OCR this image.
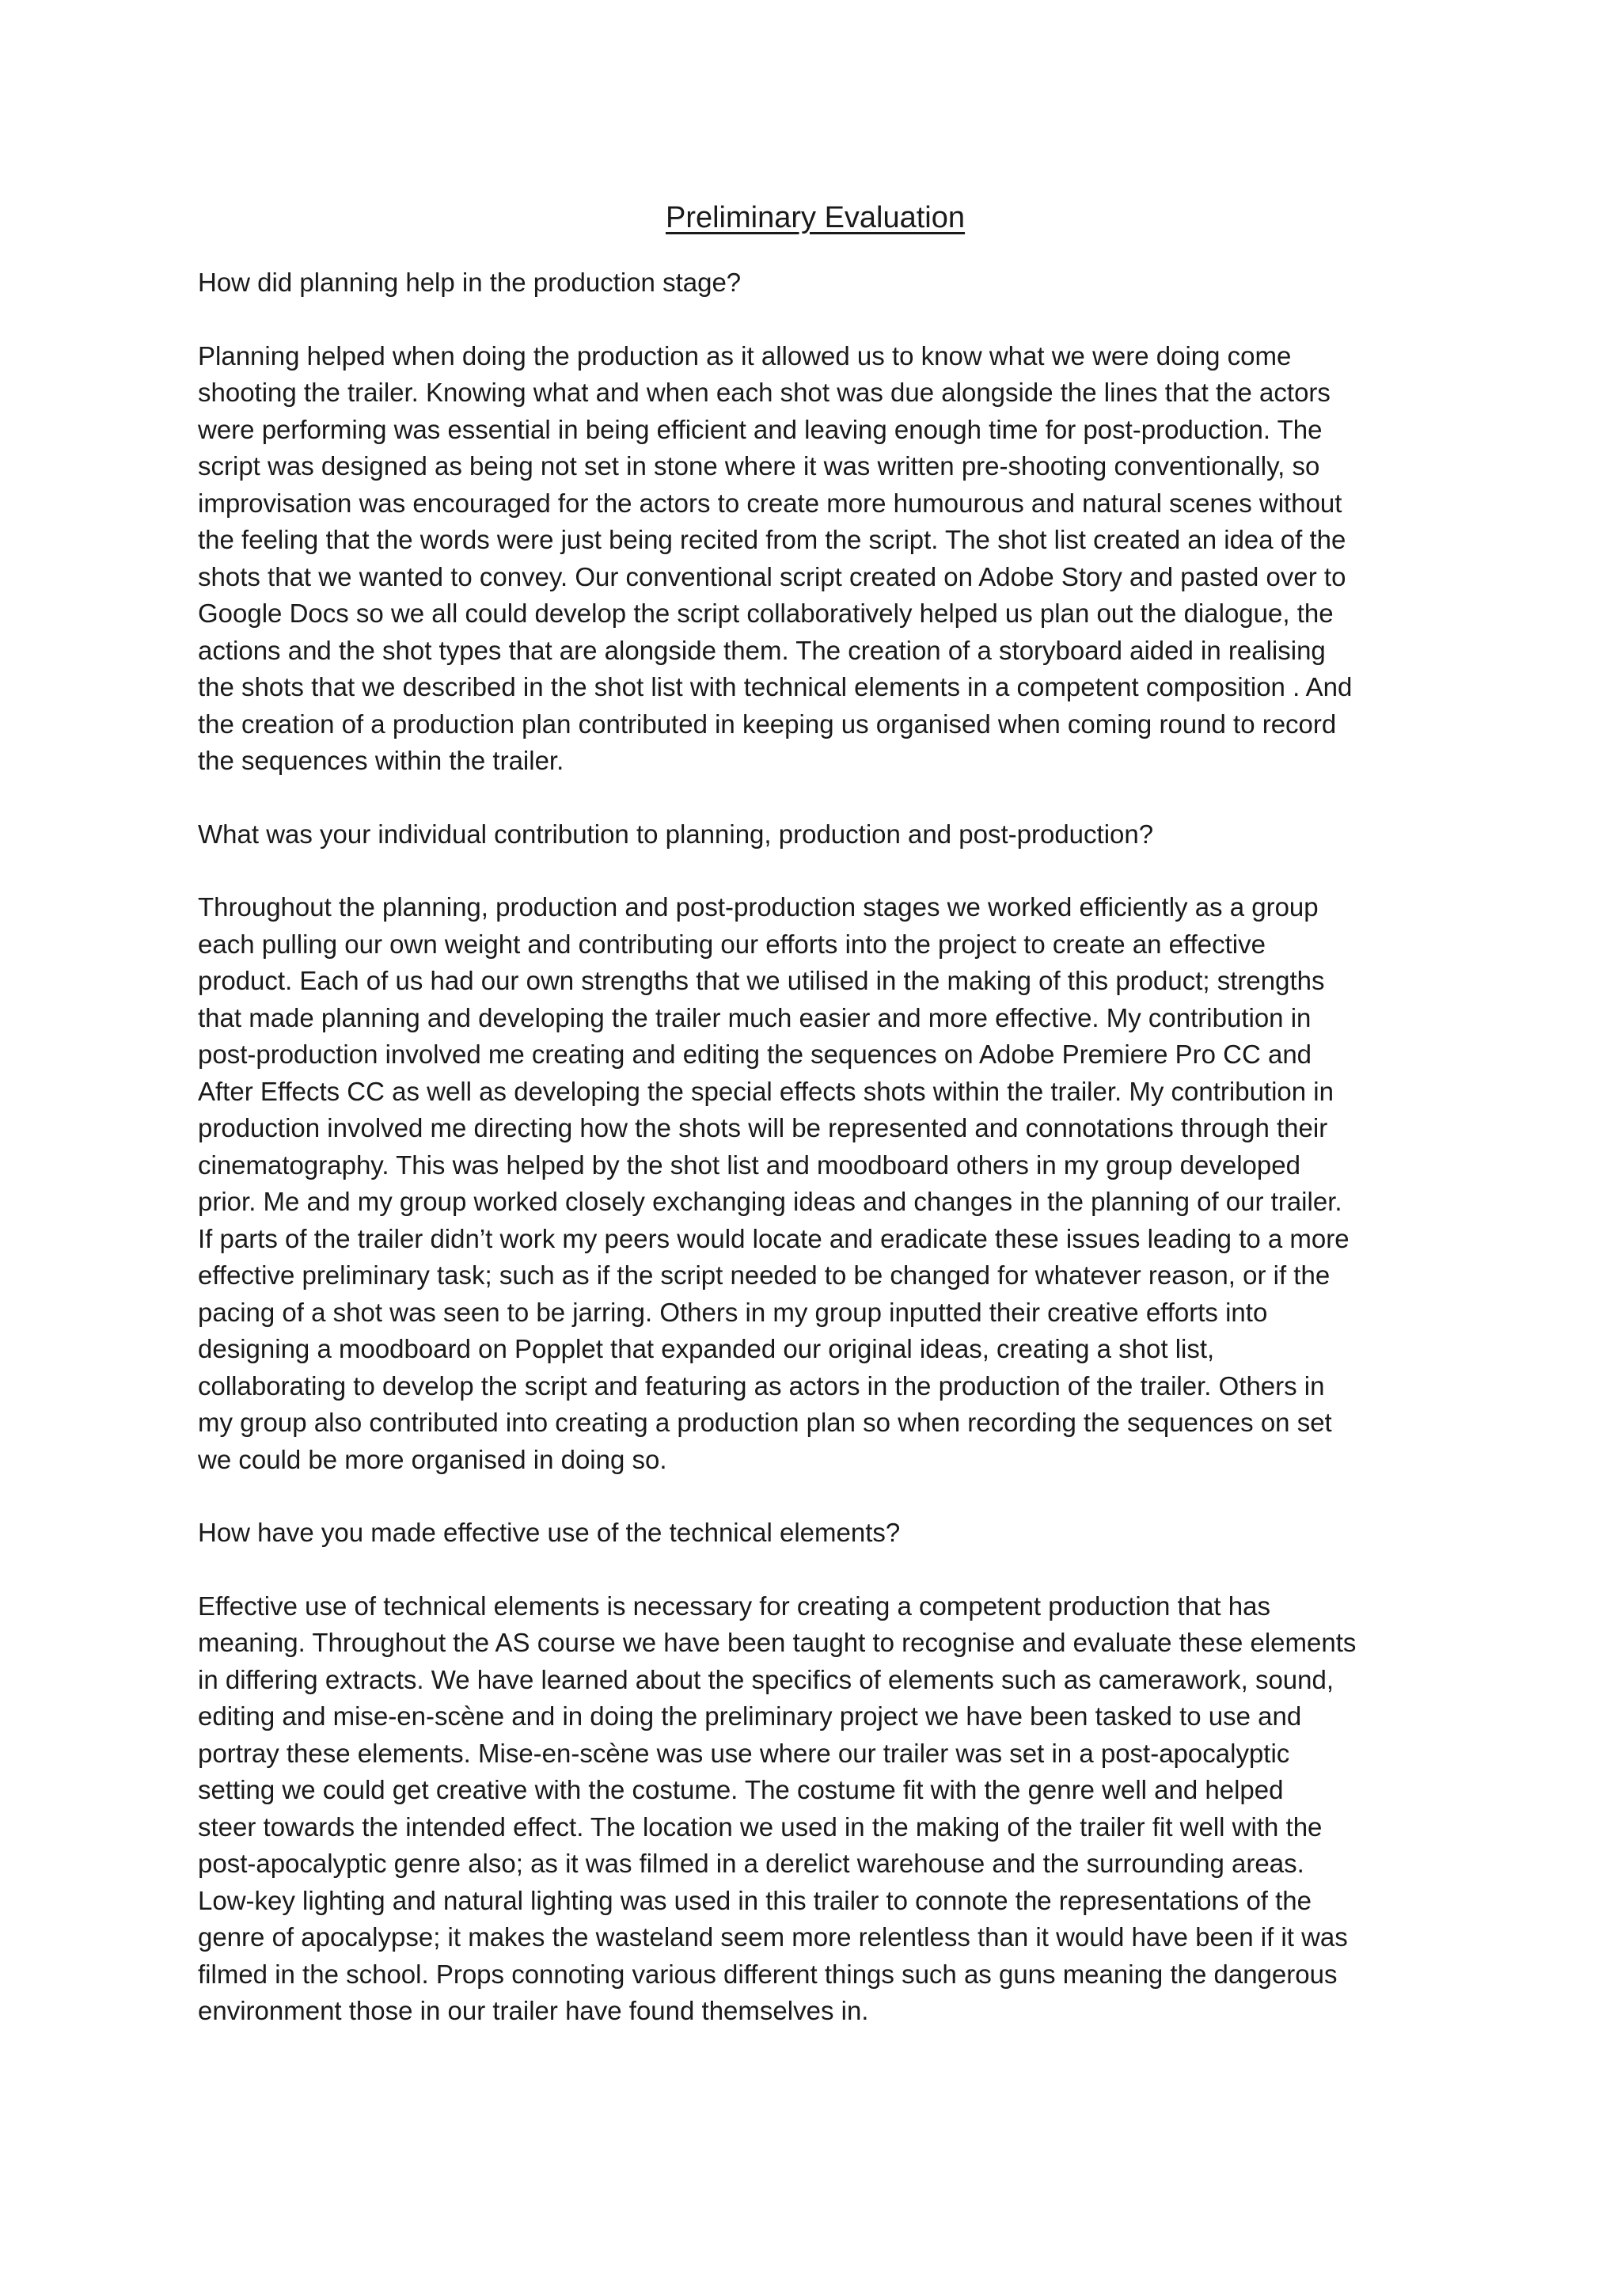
Preliminary Evaluation

How did planning help in the production stage?

Planning helped when doing the production as it allowed us to know what we were doing come
shooting the trailer. Knowing what and when each shot was due alongside the lines that the actors
were performing was essential in being efficient and leaving enough time for post-production. The
script was designed as being not set in stone where it was written pre-shooting conventionally, so
improvisation was encouraged for the actors to create more humourous and natural scenes without
the feeling that the words were just being recited from the script. The shot list created an idea of the
shots that we wanted to convey. Our conventional script created on Adobe Story and pasted over to
Google Docs so we all could develop the script collaboratively helped us plan out the dialogue, the
actions and the shot types that are alongside them. The creation of a storyboard aided in realising
the shots that we described in the shot list with technical elements in a competent composition . And
the creation of a production plan contributed in keeping us organised when coming round to record
the sequences within the trailer.

What was your individual contribution to planning, production and post-production?

Throughout the planning, production and post-production stages we worked efficiently as a group
each pulling our own weight and contributing our efforts into the project to create an effective
product. Each of us had our own strengths that we utilised in the making of this product; strengths
that made planning and developing the trailer much easier and more effective. My contribution in
post-production involved me creating and editing the sequences on Adobe Premiere Pro CC and
After Effects CC as well as developing the special effects shots within the trailer. My contribution in
production involved me directing how the shots will be represented and connotations through their
cinematography. This was helped by the shot list and moodboard others in my group developed
prior. Me and my group worked closely exchanging ideas and changes in the planning of our trailer.
If parts of the trailer didn’t work my peers would locate and eradicate these issues leading to a more
effective preliminary task; such as if the script needed to be changed for whatever reason, or if the
pacing of a shot was seen to be jarring. Others in my group inputted their creative efforts into
designing a moodboard on Popplet that expanded our original ideas, creating a shot list,
collaborating to develop the script and featuring as actors in the production of the trailer. Others in
my group also contributed into creating a production plan so when recording the sequences on set
we could be more organised in doing so.

How have you made effective use of the technical elements?

Effective use of technical elements is necessary for creating a competent production that has
meaning. Throughout the AS course we have been taught to recognise and evaluate these elements
in differing extracts. We have learned about the specifics of elements such as camerawork, sound,
editing and mise-en-scène and in doing the preliminary project we have been tasked to use and
portray these elements. Mise-en-scène was use where our trailer was set in a post-apocalyptic
setting we could get creative with the costume. The costume fit with the genre well and helped
steer towards the intended effect. The location we used in the making of the trailer fit well with the
post-apocalyptic genre also; as it was filmed in a derelict warehouse and the surrounding areas.
Low-key lighting and natural lighting was used in this trailer to connote the representations of the
genre of apocalypse; it makes the wasteland seem more relentless than it would have been if it was
filmed in the school. Props connoting various different things such as guns meaning the dangerous
environment those in our trailer have found themselves in.
